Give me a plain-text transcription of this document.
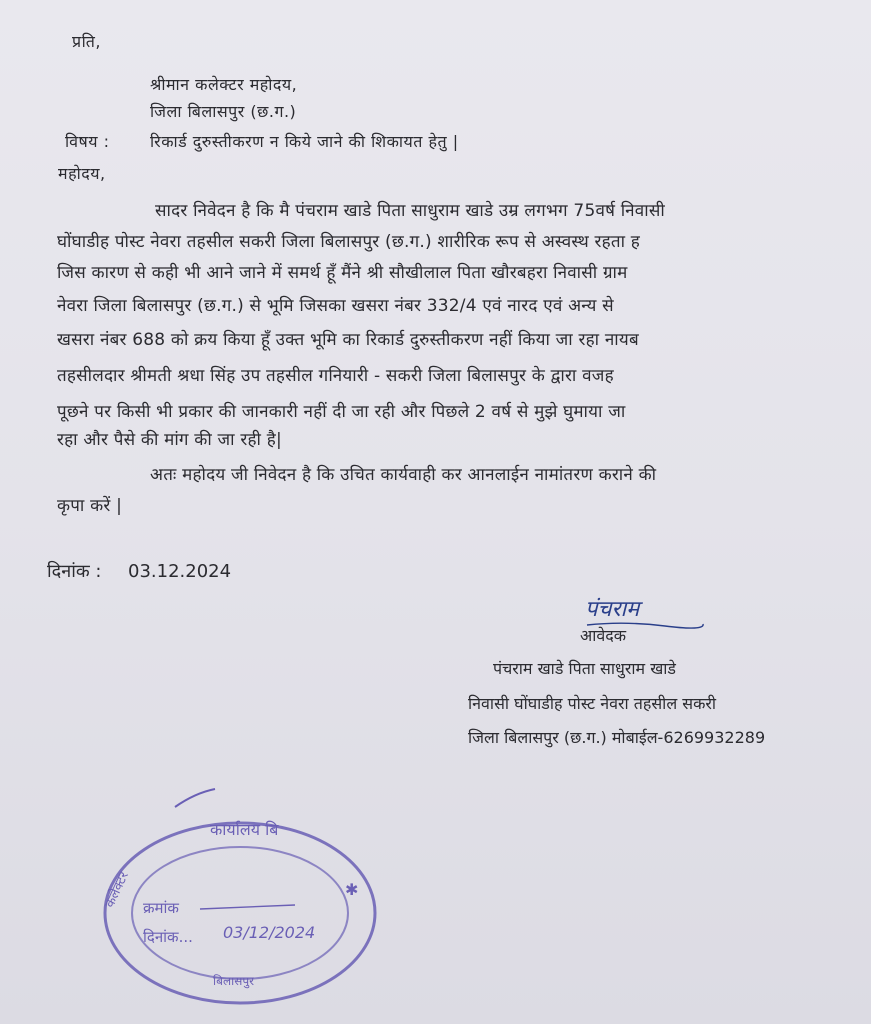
प्रति,
श्रीमान कलेक्टर महोदय,
जिला बिलासपुर (छ.ग.)
विषय :	रिकार्ड दुरुस्तीकरण न किये जाने की शिकायत हेतु |
महोदय,
सादर निवेदन है कि मै पंचराम खाडे पिता साधुराम खाडे उम्र लगभग 75वर्ष निवासी
घोंघाडीह पोस्ट नेवरा तहसील सकरी जिला बिलासपुर (छ.ग.) शारीरिक रूप से अस्वस्थ रहता ह
जिस कारण से कही भी आने जाने में समर्थ हूँ मैंने श्री सौखीलाल पिता खौरबहरा निवासी ग्राम
नेवरा जिला बिलासपुर (छ.ग.) से भूमि जिसका खसरा नंबर 332/4 एवं नारद एवं अन्य से
खसरा नंबर 688 को क्रय किया हूँ उक्त भूमि का रिकार्ड दुरुस्तीकरण नहीं किया जा रहा नायब
तहसीलदार श्रीमती श्रधा सिंह उप तहसील गनियारी - सकरी जिला बिलासपुर के द्वारा वजह
पूछने पर किसी भी प्रकार की जानकारी नहीं दी जा रही और पिछले 2 वर्ष से मुझे घुमाया जा
रहा और पैसे की मांग की जा रही है|
अतः महोदय जी निवेदन है कि उचित कार्यवाही कर आनलाईन नामांतरण कराने की
कृपा करें |
दिनांक : 03.12.2024
पंचराम
आवेदक
पंचराम खाडे पिता साधुराम खाडे
निवासी घोंघाडीह पोस्ट नेवरा तहसील सकरी
जिला बिलासपुर (छ.ग.) मोबाईल-6269932289
कार्यालय बि
कलेक्टर क्रमांक
दिनांक... 03/12/2024
बिलासपुर
✱
